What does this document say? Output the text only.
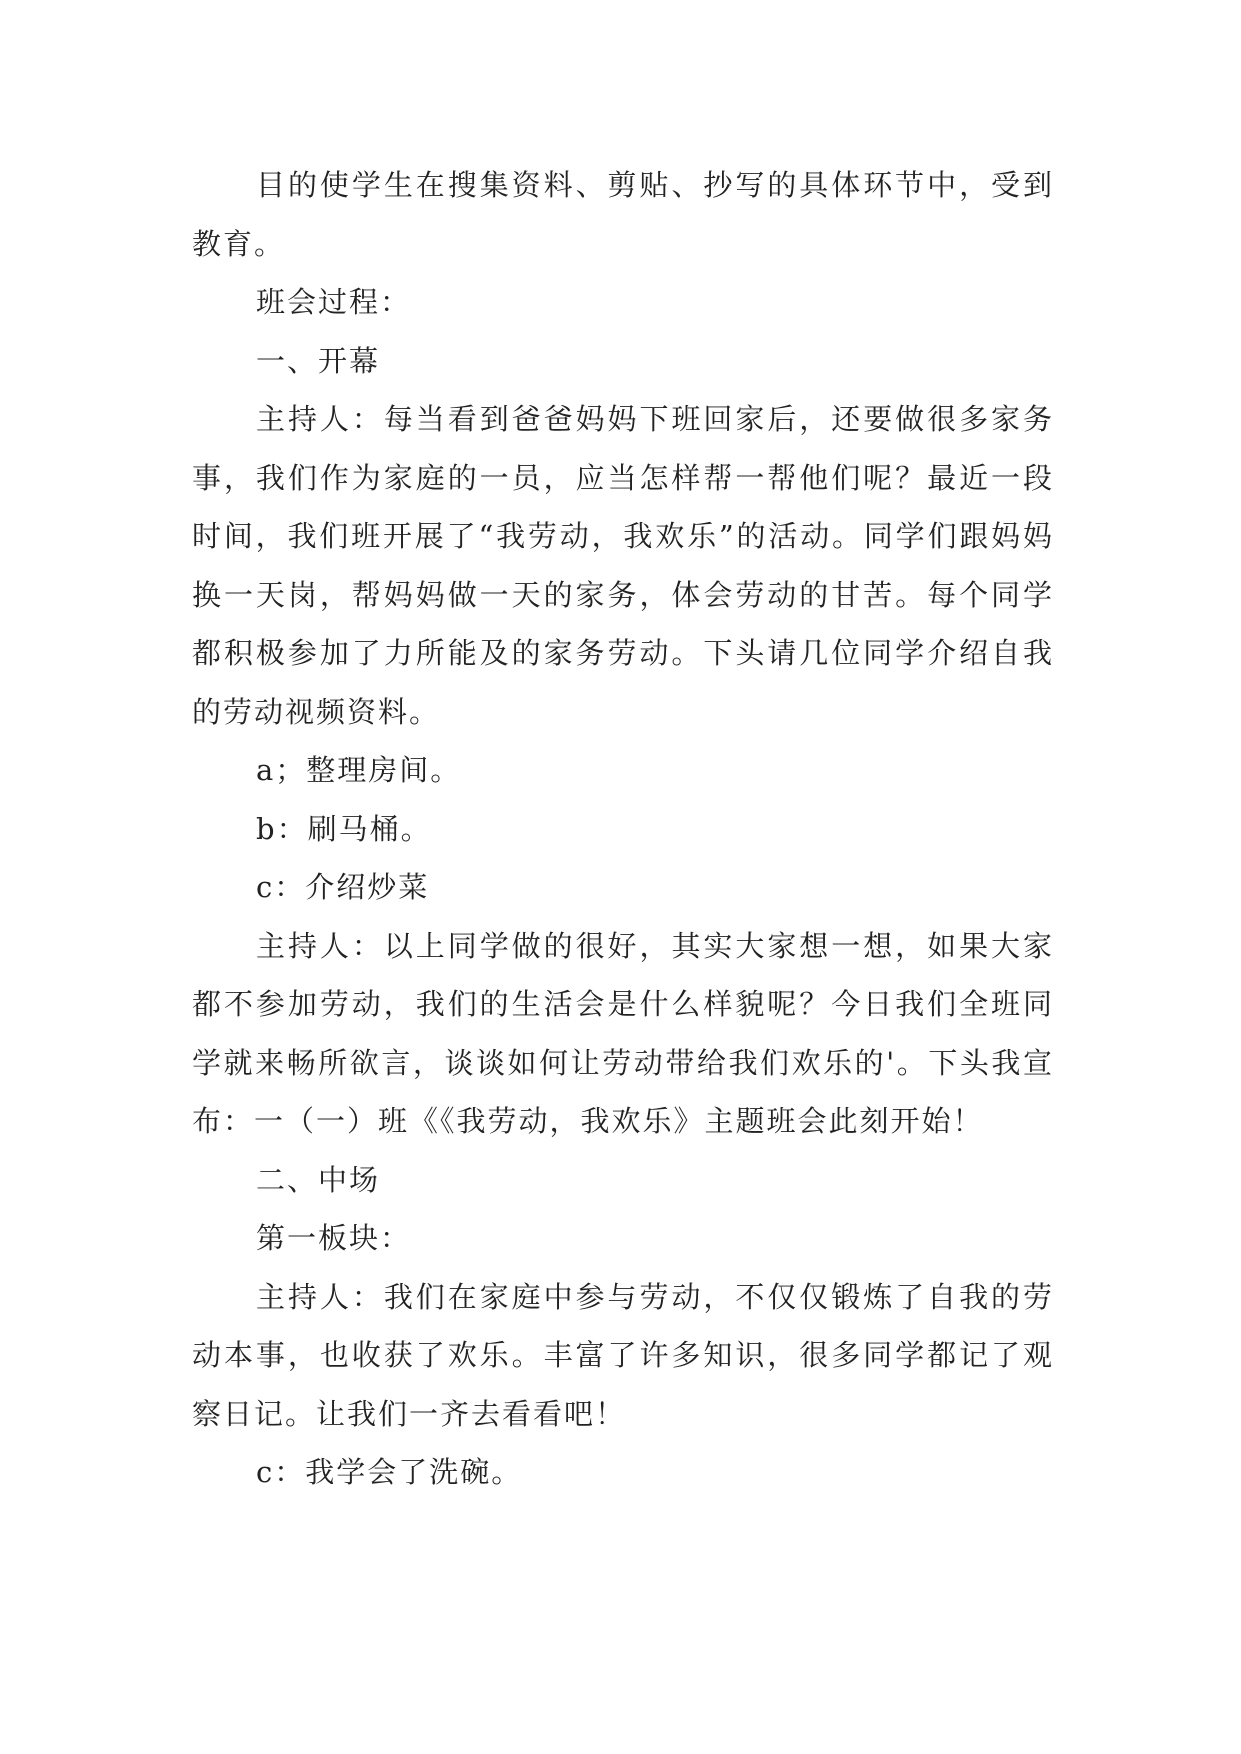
目的使学生在搜集资料、剪贴、抄写的具体环节中，受到教育。

班会过程：

一、开幕

主持人：每当看到爸爸妈妈下班回家后，还要做很多家务事，我们作为家庭的一员，应当怎样帮一帮他们呢？最近一段时间，我们班开展了“我劳动，我欢乐”的活动。同学们跟妈妈换一天岗，帮妈妈做一天的家务，体会劳动的甘苦。每个同学都积极参加了力所能及的家务劳动。下头请几位同学介绍自我的劳动视频资料。

a；整理房间。

b：刷马桶。

c：介绍炒菜

主持人：以上同学做的很好，其实大家想一想，如果大家都不参加劳动，我们的生活会是什么样貌呢？今日我们全班同学就来畅所欲言，谈谈如何让劳动带给我们欢乐的'。下头我宣布：一（一）班《《我劳动，我欢乐》主题班会此刻开始！

二、中场

第一板块：

主持人：我们在家庭中参与劳动，不仅仅锻炼了自我的劳动本事，也收获了欢乐。丰富了许多知识，很多同学都记了观察日记。让我们一齐去看看吧！

c：我学会了洗碗。
